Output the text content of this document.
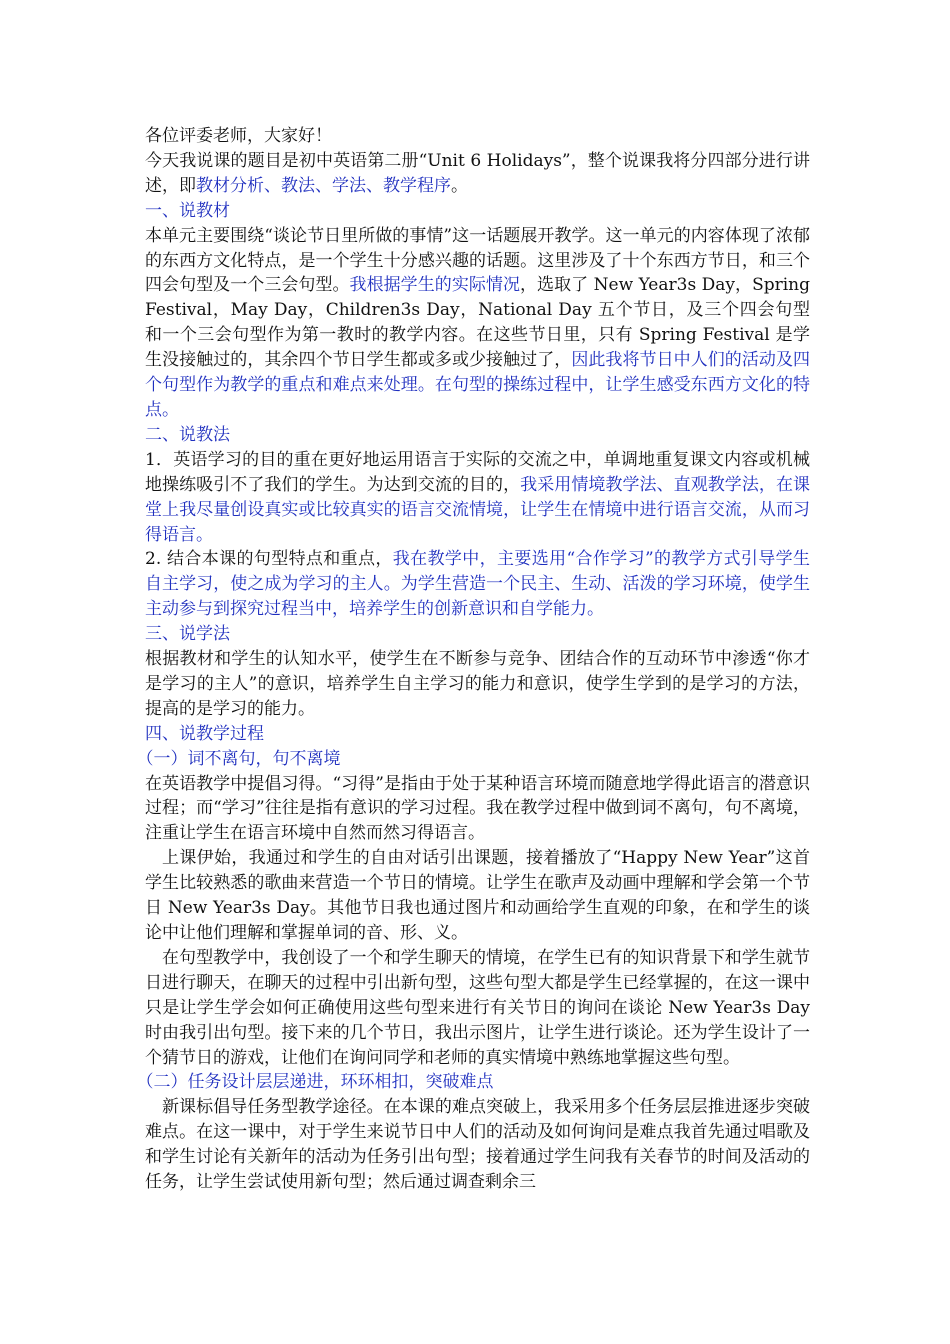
各位评委老师，大家好！

今天我说课的题目是初中英语第二册“Unit 6 Holidays”，整个说课我将分四部分进行讲述，即教材分析、教法、学法、教学程序。

一、说教材

本单元主要围绕“谈论节日里所做的事情”这一话题展开教学。这一单元的内容体现了浓郁的东西方文化特点，是一个学生十分感兴趣的话题。这里涉及了十个东西方节日，和三个四会句型及一个三会句型。我根据学生的实际情况，选取了 New Year3s Day，Spring Festival，May Day，Children3s Day，National Day 五个节日，及三个四会句型和一个三会句型作为第一教时的教学内容。在这些节日里，只有 Spring Festival 是学生没接触过的，其余四个节日学生都或多或少接触过了，因此我将节日中人们的活动及四个句型作为教学的重点和难点来处理。在句型的操练过程中，让学生感受东西方文化的特点。

二、说教法

1．英语学习的目的重在更好地运用语言于实际的交流之中，单调地重复课文内容或机械地操练吸引不了我们的学生。为达到交流的目的，我采用情境教学法、直观教学法，在课堂上我尽量创设真实或比较真实的语言交流情境，让学生在情境中进行语言交流，从而习得语言。

2. 结合本课的句型特点和重点，我在教学中，主要选用“合作学习”的教学方式引导学生自主学习，使之成为学习的主人。为学生营造一个民主、生动、活泼的学习环境，使学生主动参与到探究过程当中，培养学生的创新意识和自学能力。

三、说学法

根据教材和学生的认知水平，使学生在不断参与竞争、团结合作的互动环节中渗透“你才是学习的主人”的意识，培养学生自主学习的能力和意识，使学生学到的是学习的方法，提高的是学习的能力。

四、说教学过程

（一）词不离句，句不离境

在英语教学中提倡习得。“习得”是指由于处于某种语言环境而随意地学得此语言的潜意识过程；而“学习”往往是指有意识的学习过程。我在教学过程中做到词不离句，句不离境，注重让学生在语言环境中自然而然习得语言。

上课伊始，我通过和学生的自由对话引出课题，接着播放了“Happy New Year”这首学生比较熟悉的歌曲来营造一个节日的情境。让学生在歌声及动画中理解和学会第一个节日 New Year3s Day。其他节日我也通过图片和动画给学生直观的印象，在和学生的谈论中让他们理解和掌握单词的音、形、义。

在句型教学中，我创设了一个和学生聊天的情境，在学生已有的知识背景下和学生就节日进行聊天，在聊天的过程中引出新句型，这些句型大都是学生已经掌握的，在这一课中只是让学生学会如何正确使用这些句型来进行有关节日的询问在谈论 New Year3s Day 时由我引出句型。接下来的几个节日，我出示图片，让学生进行谈论。还为学生设计了一个猜节日的游戏，让他们在询问同学和老师的真实情境中熟练地掌握这些句型。

（二）任务设计层层递进，环环相扣，突破难点

新课标倡导任务型教学途径。在本课的难点突破上，我采用多个任务层层推进逐步突破难点。在这一课中，对于学生来说节日中人们的活动及如何询问是难点我首先通过唱歌及和学生讨论有关新年的活动为任务引出句型；接着通过学生问我有关春节的时间及活动的任务，让学生尝试使用新句型；然后通过调查剩余三
